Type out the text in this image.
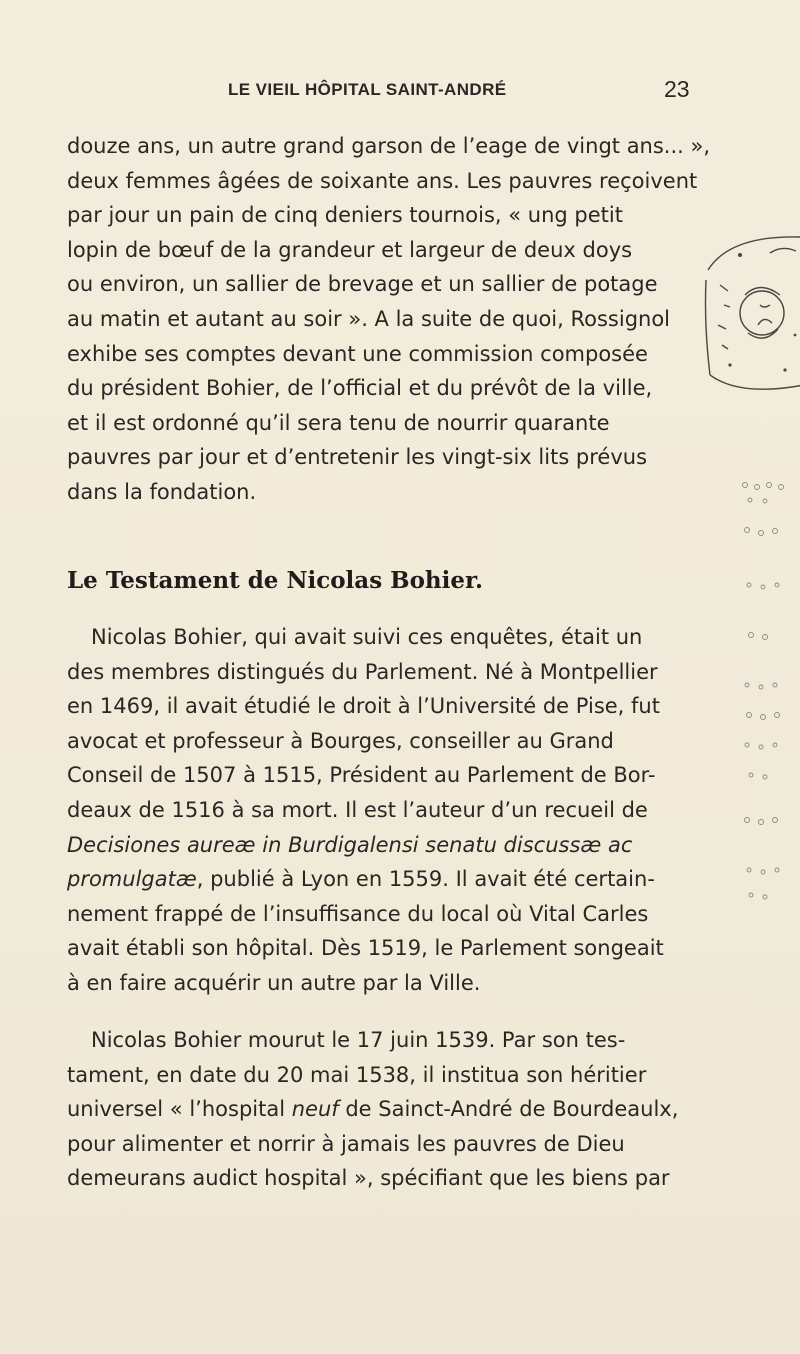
LE VIEIL HÔPITAL SAINT-ANDRÉ	23
douze ans, un autre grand garson de l’eage de vingt ans... »,
deux femmes âgées de soixante ans. Les pauvres reçoivent
par jour un pain de cinq deniers tournois, « ung petit
lopin de bœuf de la grandeur et largeur de deux doys
ou environ, un sallier de brevage et un sallier de potage
au matin et autant au soir ». A la suite de quoi, Rossignol
exhibe ses comptes devant une commission composée
du président Bohier, de l’official et du prévôt de la ville,
et il est ordonné qu’il sera tenu de nourrir quarante
pauvres par jour et d’entretenir les vingt-six lits prévus
dans la fondation.
Le Testament de Nicolas Bohier.
Nicolas Bohier, qui avait suivi ces enquêtes, était un
des membres distingués du Parlement. Né à Montpellier
en 1469, il avait étudié le droit à l’Université de Pise, fut
avocat et professeur à Bourges, conseiller au Grand
Conseil de 1507 à 1515, Président au Parlement de Bor-
deaux de 1516 à sa mort. Il est l’auteur d’un recueil de
Decisiones aureæ in Burdigalensi senatu discussæ ac
promulgatæ, publié à Lyon en 1559. Il avait été certain-
nement frappé de l’insuffisance du local où Vital Carles
avait établi son hôpital. Dès 1519, le Parlement songeait
à en faire acquérir un autre par la Ville.
Nicolas Bohier mourut le 17 juin 1539. Par son tes-
tament, en date du 20 mai 1538, il institua son héritier
universel « l’hospital neuf de Sainct-André de Bourdeaulx,
pour alimenter et norrir à jamais les pauvres de Dieu
demeurans audict hospital », spécifiant que les biens par
